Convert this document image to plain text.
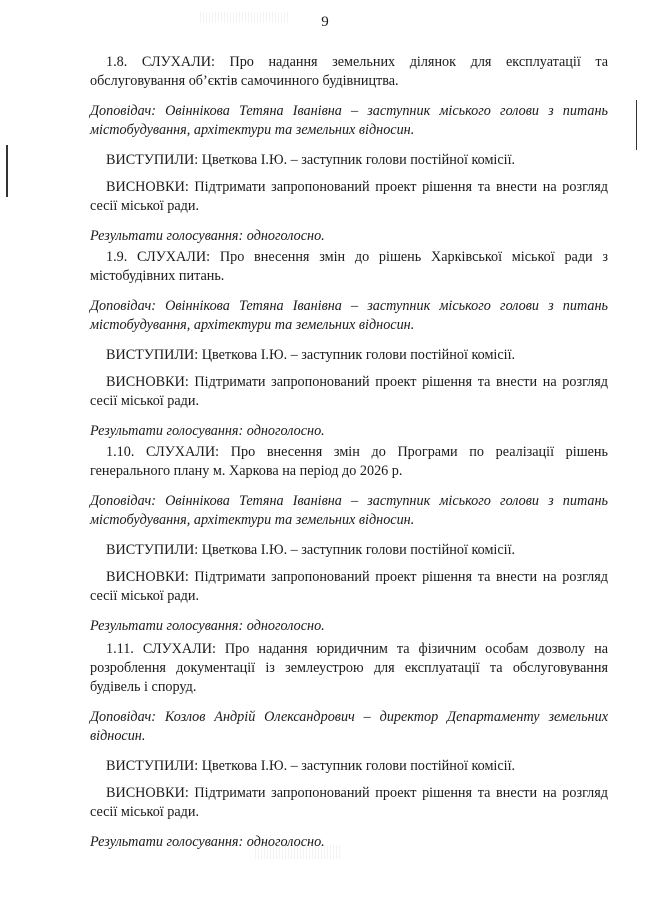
9

1.8. СЛУХАЛИ: Про надання земельних ділянок для експлуатації та обслуговування об’єктів самочинного будівництва.

Доповідач: Овіннікова Тетяна Іванівна – заступник міського голови з питань містобудування, архітектури та земельних відносин.

ВИСТУПИЛИ: Цветкова І.Ю. – заступник голови постійної комісії.

ВИСНОВКИ: Підтримати запропонований проект рішення та внести на розгляд сесії міської ради.

Результати голосування: одноголосно.

1.9. СЛУХАЛИ: Про внесення змін до рішень Харківської міської ради з містобудівних питань.

Доповідач: Овіннікова Тетяна Іванівна – заступник міського голови з питань містобудування, архітектури та земельних відносин.

ВИСТУПИЛИ: Цветкова І.Ю. – заступник голови постійної комісії.

ВИСНОВКИ: Підтримати запропонований проект рішення та внести на розгляд сесії міської ради.

Результати голосування: одноголосно.

1.10. СЛУХАЛИ: Про внесення змін до Програми по реалізації рішень генерального плану м. Харкова на період до 2026 р.

Доповідач: Овіннікова Тетяна Іванівна – заступник міського голови з питань містобудування, архітектури та земельних відносин.

ВИСТУПИЛИ: Цветкова І.Ю. – заступник голови постійної комісії.

ВИСНОВКИ: Підтримати запропонований проект рішення та внести на розгляд сесії міської ради.

Результати голосування: одноголосно.

1.11. СЛУХАЛИ: Про надання юридичним та фізичним особам дозволу на розроблення документації із землеустрою для експлуатації та обслуговування будівель і споруд.

Доповідач: Козлов Андрій Олександрович – директор Департаменту земельних відносин.

ВИСТУПИЛИ: Цветкова І.Ю. – заступник голови постійної комісії.

ВИСНОВКИ: Підтримати запропонований проект рішення та внести на розгляд сесії міської ради.

Результати голосування: одноголосно.
